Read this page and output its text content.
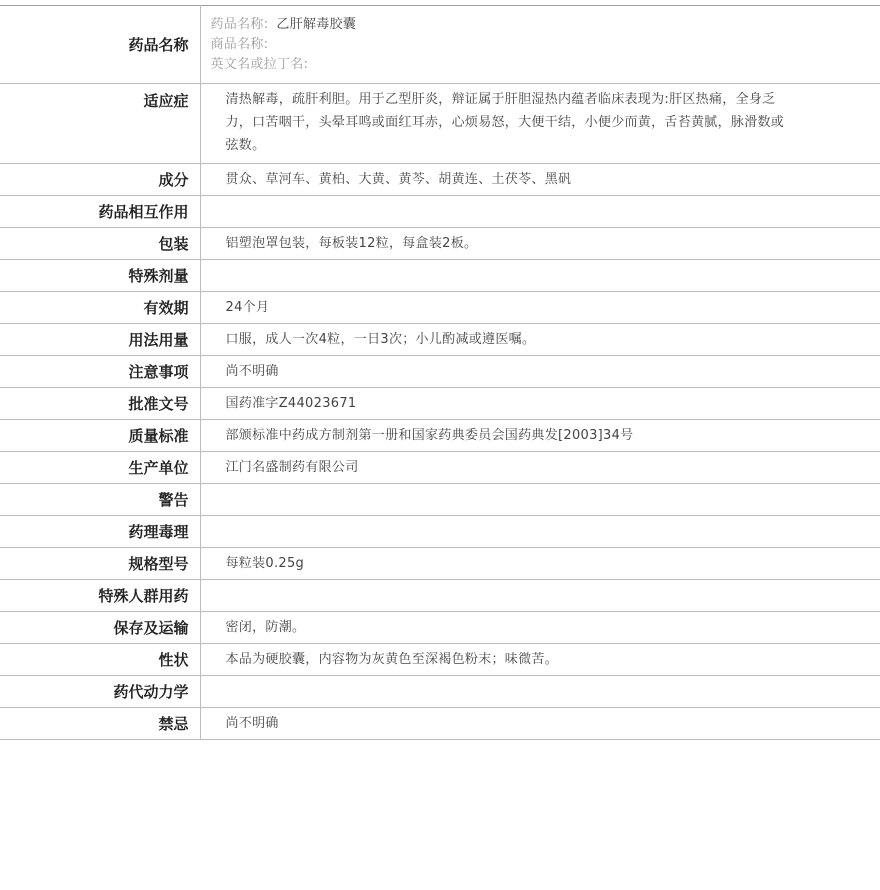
药品名称	药品名称: 乙肝解毒胶囊
商品名称:
英文名或拉丁名:

适应症	清热解毒，疏肝利胆。用于乙型肝炎，辩证属于肝胆湿热内蕴者临床表现为:肝区热痛，全身乏力，口苦咽干，头晕耳鸣或面红耳赤，心烦易怒，大便干结，小便少而黄，舌苔黄腻，脉滑数或弦数。
成分	贯众、草河车、黄柏、大黄、黄芩、胡黄连、土茯苓、黑矾
药品相互作用	
包装	铝塑泡罩包装，每板装12粒，每盒装2板。
特殊剂量	
有效期	24个月
用法用量	口服，成人一次4粒，一日3次；小儿酌减或遵医嘱。
注意事项	尚不明确
批准文号	国药准字Z44023671
质量标准	部颁标准中药成方制剂第一册和国家药典委员会国药典发[2003]34号
生产单位	江门名盛制药有限公司
警告	
药理毒理	
规格型号	每粒装0.25g
特殊人群用药	
保存及运输	密闭，防潮。
性状	本品为硬胶囊，内容物为灰黄色至深褐色粉末；味微苦。
药代动力学	
禁忌	尚不明确
